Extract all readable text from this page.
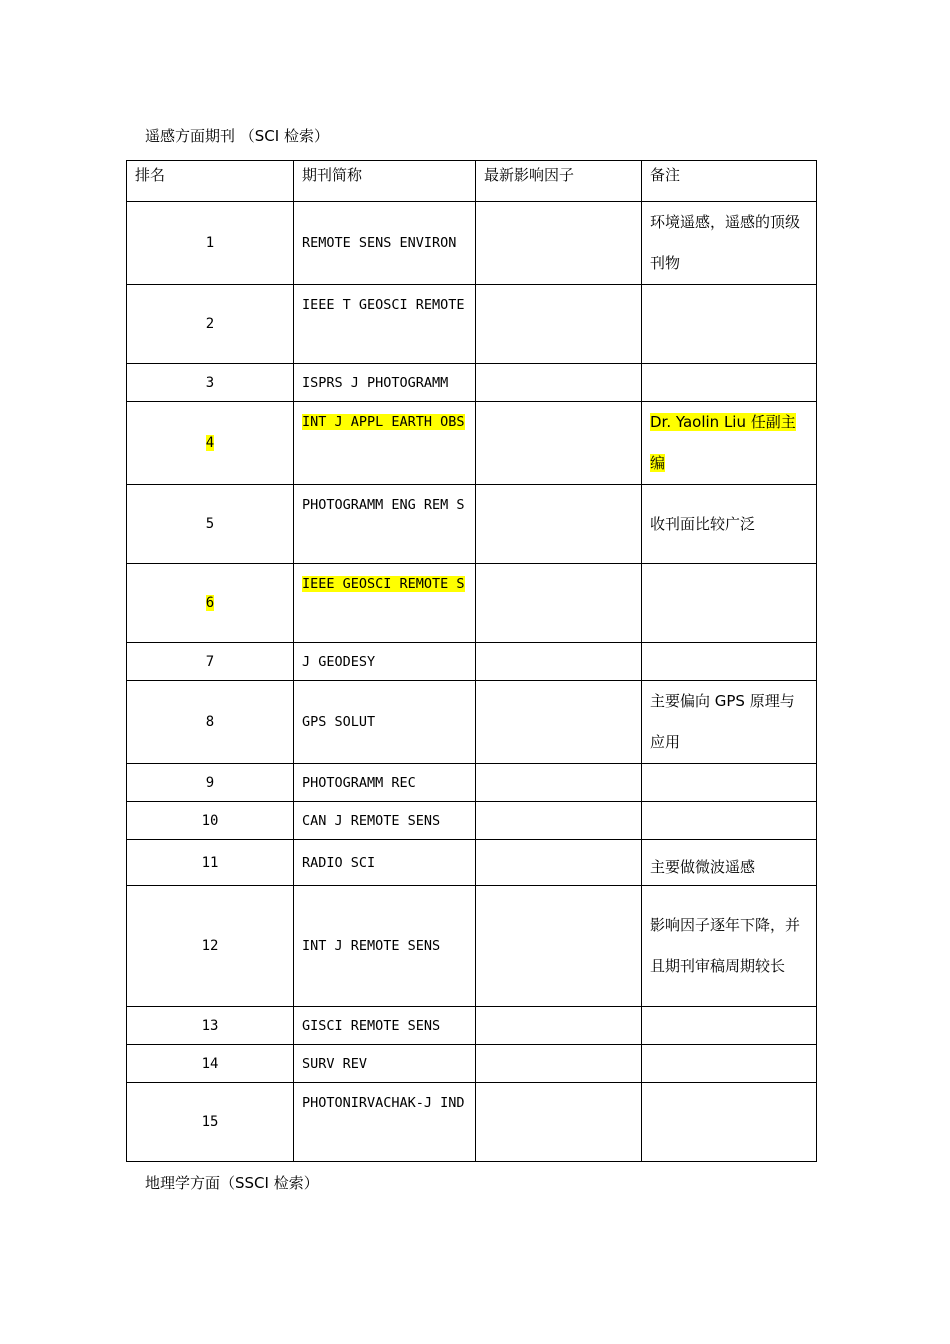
遥感方面期刊 （SCI 检索）
排名	期刊简称	最新影响因子	备注
1	REMOTE SENS ENVIRON		环境遥感，遥感的顶级刊物
2	IEEE T GEOSCI REMOTE		
3	ISPRS J PHOTOGRAMM		
4	INT J APPL EARTH OBS		Dr. Yaolin Liu 任副主编
5	PHOTOGRAMM ENG REM S		收刊面比较广泛
6	IEEE GEOSCI REMOTE S		
7	J GEODESY		
8	GPS SOLUT		主要偏向 GPS 原理与应用
9	PHOTOGRAMM REC		
10	CAN J REMOTE SENS		
11	RADIO SCI		主要做微波遥感
12	INT J REMOTE SENS		影响因子逐年下降，并且期刊审稿周期较长
13	GISCI REMOTE SENS		
14	SURV REV		
15	PHOTONIRVACHAK-J IND		
地理学方面（SSCI 检索）
